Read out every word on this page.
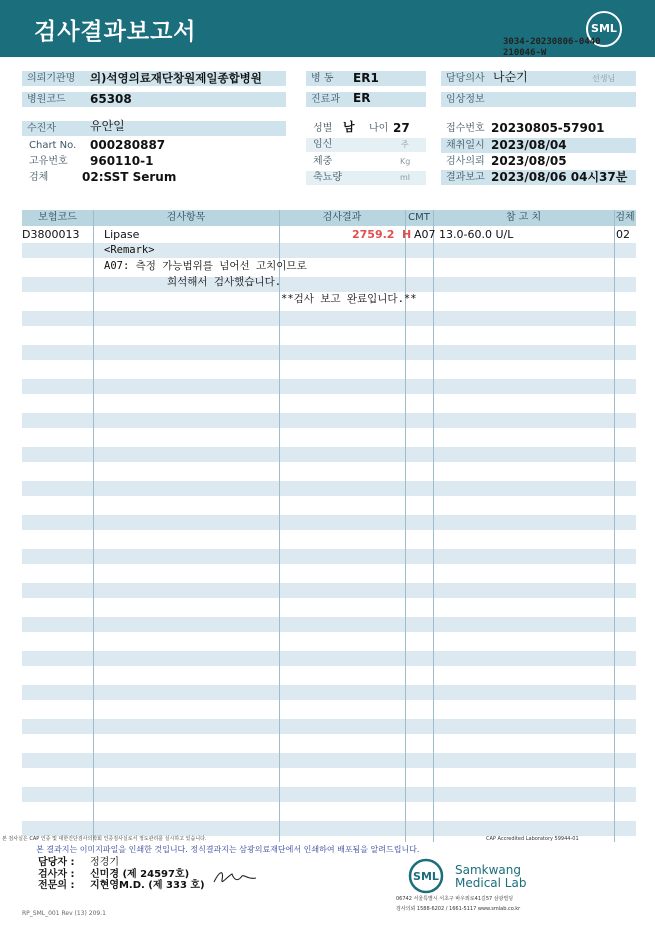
검사결과보고서	SML
3034-20230806-0440
210046-W
의뢰기관명	의)석영의료재단창원제일종합병원
병원코드	65308
병 동	ER1
진료과	ER
담당의사 나순기	선생님
임상정보
수진자	유안일
Chart No. 000280887
고유번호 960110-1
검체	02:SST Serum
성별 남 나이 27
임신	주
체중	Kg
축뇨량	ml
접수번호 20230805-57901
채취일시 2023/08/04
검사의뢰 2023/08/05
결과보고 2023/08/06 04시37분
보험코드	검사항목	검사결과	CMT	참 고 치	검체
D3800013 Lipase	2759.2 H A07 13.0-60.0 U/L	02
<Remark>
A07: 측정 가능범위를 넘어선 고치이므로
희석해서 검사했습니다.
**검사 보고 완료입니다.**
본 검사실은 CAP 인증 및 대한진단검사의학회 인증검사실로서 정도관리를 실시하고 있습니다.	CAP Accredited Laboratory 59944-01
본 결과지는 이미지파일을 인쇄한 것입니다. 정식결과지는 삼광의료재단에서 인쇄하여 배포됨을 알려드립니다.
담당자 : 정경기
검사자 : 신미경 (제 24597호)
전문의 : 지현영M.D. (제 333 호)
SML Samkwang
Medical Lab
06742 서울특별시 서초구 바우뫼로41길57 삼광빌딩
검사의뢰 1588-6202 / 1661-5117 www.smlab.co.kr
RP_SML_001 Rev (13) 209.1
